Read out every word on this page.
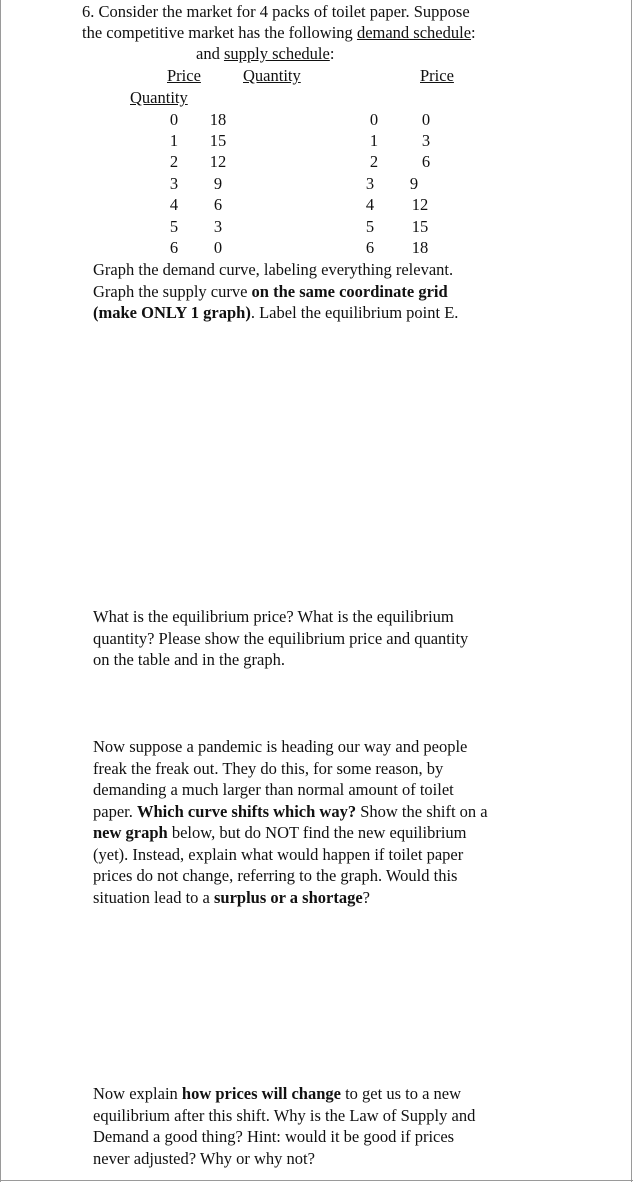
6. Consider the market for 4 packs of toilet paper. Suppose
the competitive market has the following demand schedule:
and supply schedule:
Price	Quantity	Price
Quantity
0	18
1	15
2	12
3	9
4	6
5	3
6	0
0	0
1	3
2	6
3	9
4	12
5	15
6	18

Graph the demand curve, labeling everything relevant.

Graph the supply curve on the same coordinate grid

(make ONLY 1 graph). Label the equilibrium point E.

What is the equilibrium price? What is the equilibrium

quantity? Please show the equilibrium price and quantity

on the table and in the graph.

Now suppose a pandemic is heading our way and people

freak the freak out. They do this, for some reason, by

demanding a much larger than normal amount of toilet

paper. Which curve shifts which way? Show the shift on a

new graph below, but do NOT find the new equilibrium

(yet). Instead, explain what would happen if toilet paper

prices do not change, referring to the graph. Would this

situation lead to a surplus or a shortage?

Now explain how prices will change to get us to a new

equilibrium after this shift. Why is the Law of Supply and

Demand a good thing? Hint: would it be good if prices

never adjusted? Why or why not?
